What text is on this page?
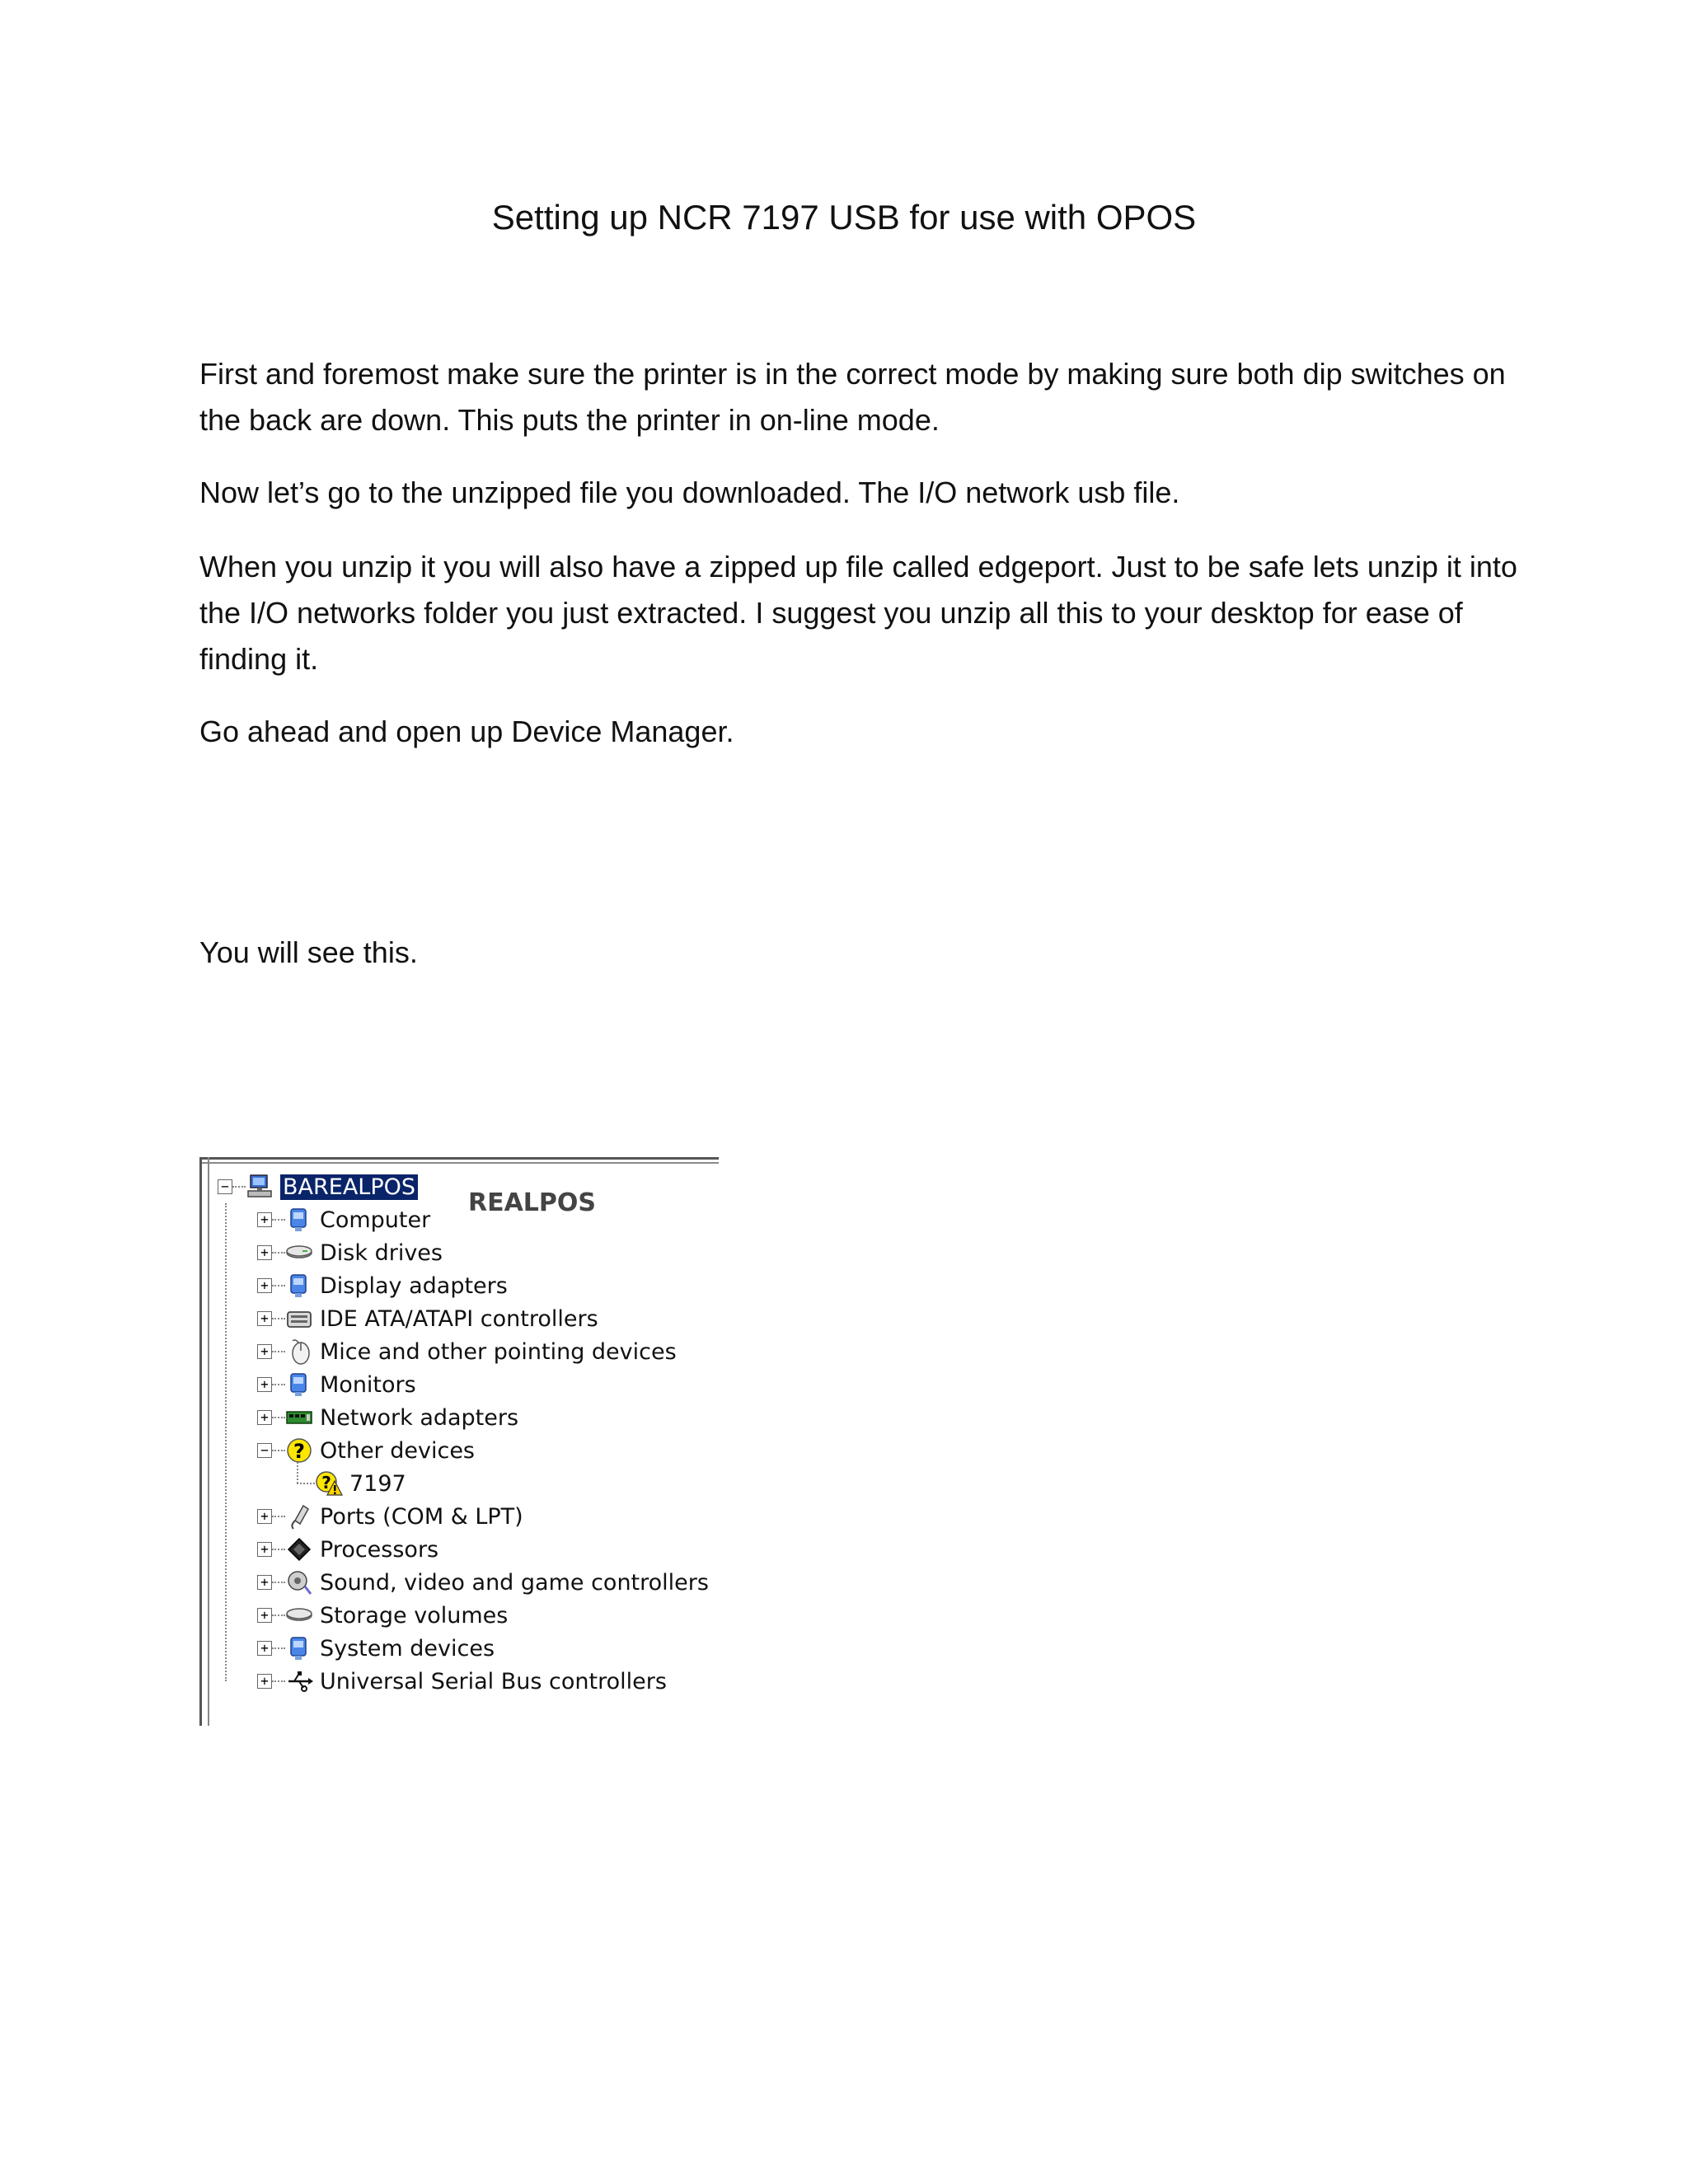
Setting up NCR 7197 USB for use with OPOS

First and foremost make sure the printer is in the correct mode by making sure both dip switches on the back are down. This puts the printer in on-line mode.

Now let’s go to the unzipped file you downloaded. The I/O network usb file.

When you unzip it you will also have a zipped up file called edgeport. Just to be safe lets unzip it into the I/O networks folder you just extracted. I suggest you unzip all this to your desktop for ease of finding it.

Go ahead and open up Device Manager.

You will see this.

REALPOS
− BAREALPOS
+ Computer
+ Disk drives
+ Display adapters
+ IDE ATA/ATAPI controllers
+ Mice and other pointing devices
+ Monitors
+ Network adapters
− ? Other devices
? 7197
+ Ports (COM & LPT)
+ Processors
+ Sound, video and game controllers
+ Storage volumes
+ System devices
+ Universal Serial Bus controllers
